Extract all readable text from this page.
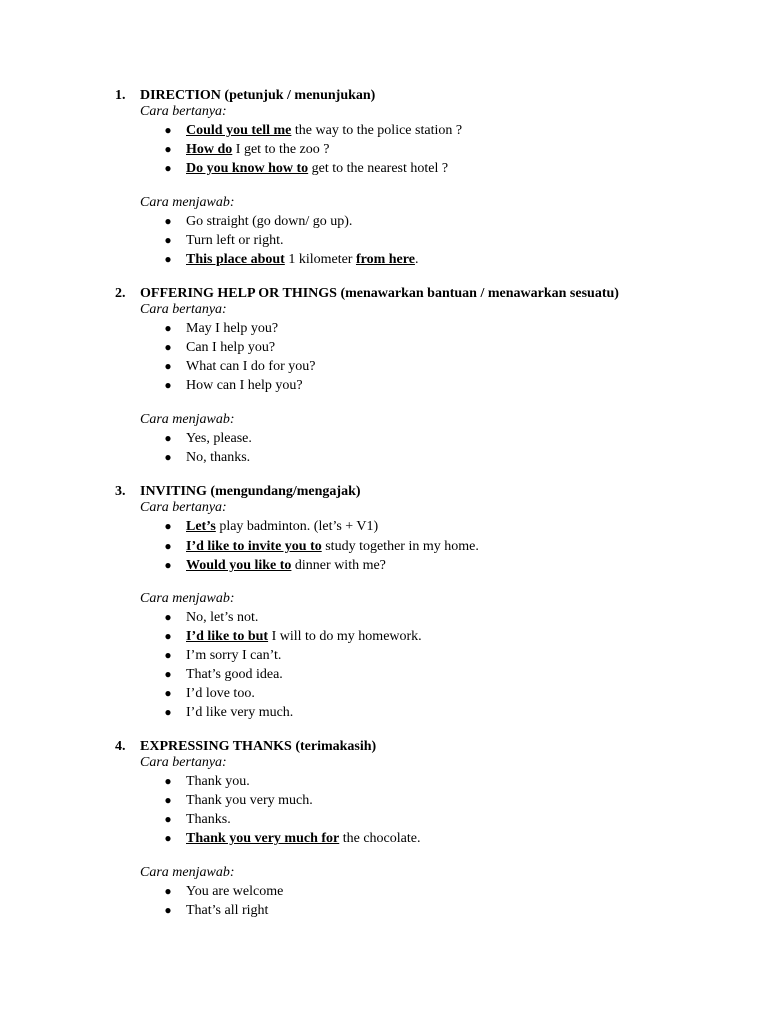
1. DIRECTION (petunjuk / menunjukan)
Cara bertanya:
● Could you tell me the way to the police station ?
● How do I get to the zoo ?
● Do you know how to get to the nearest hotel ?
Cara menjawab:
● Go straight (go down/ go up).
● Turn left or right.
● This place about 1 kilometer from here.
2. OFFERING HELP OR THINGS (menawarkan bantuan / menawarkan sesuatu)
Cara bertanya:
● May I help you?
● Can I help you?
● What can I do for you?
● How can I help you?
Cara menjawab:
● Yes, please.
● No, thanks.
3. INVITING (mengundang/mengajak)
Cara bertanya:
● Let’s play badminton. (let’s + V1)
● I’d like to invite you to study together in my home.
● Would you like to dinner with me?
Cara menjawab:
● No, let’s not.
● I’d like to but I will to do my homework.
● I’m sorry I can’t.
● That’s good idea.
● I’d love too.
● I’d like very much.
4. EXPRESSING THANKS (terimakasih)
Cara bertanya:
● Thank you.
● Thank you very much.
● Thanks.
● Thank you very much for the chocolate.
Cara menjawab:
● You are welcome
● That’s all right
